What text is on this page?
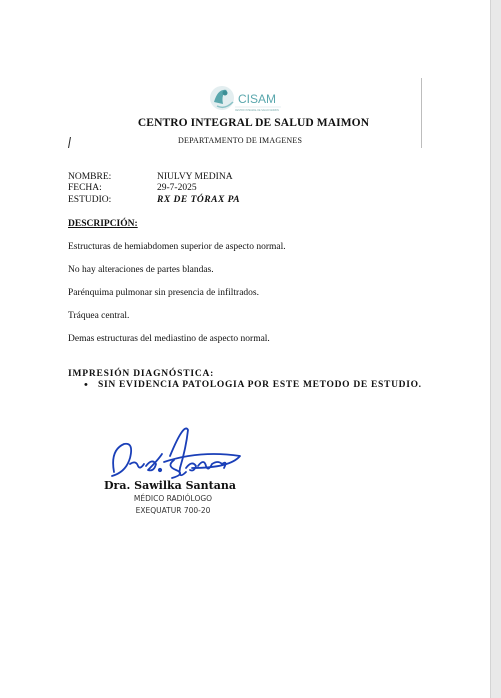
CISAM
CENTRO INTEGRAL DE SALUD MAIMON
CENTRO INTEGRAL DE SALUD MAIMON
DEPARTAMENTO DE IMAGENES
NOMBRE:	NIULVY MEDINA
FECHA:	29-7-2025
ESTUDIO:	RX DE TÓRAX PA
DESCRIPCIÓN:
Estructuras de hemiabdomen superior de aspecto normal.
No hay alteraciones de partes blandas.
Parénquima pulmonar sin presencia de infiltrados.
Tráquea central.
Demas estructuras del mediastino de aspecto normal.
IMPRESIÓN DIAGNÓSTICA:
• SIN EVIDENCIA PATOLOGIA POR ESTE METODO DE ESTUDIO.
Dra. Sawilka Santana
MÉDICO RADIÓLOGO
EXEQUATUR 700-20
